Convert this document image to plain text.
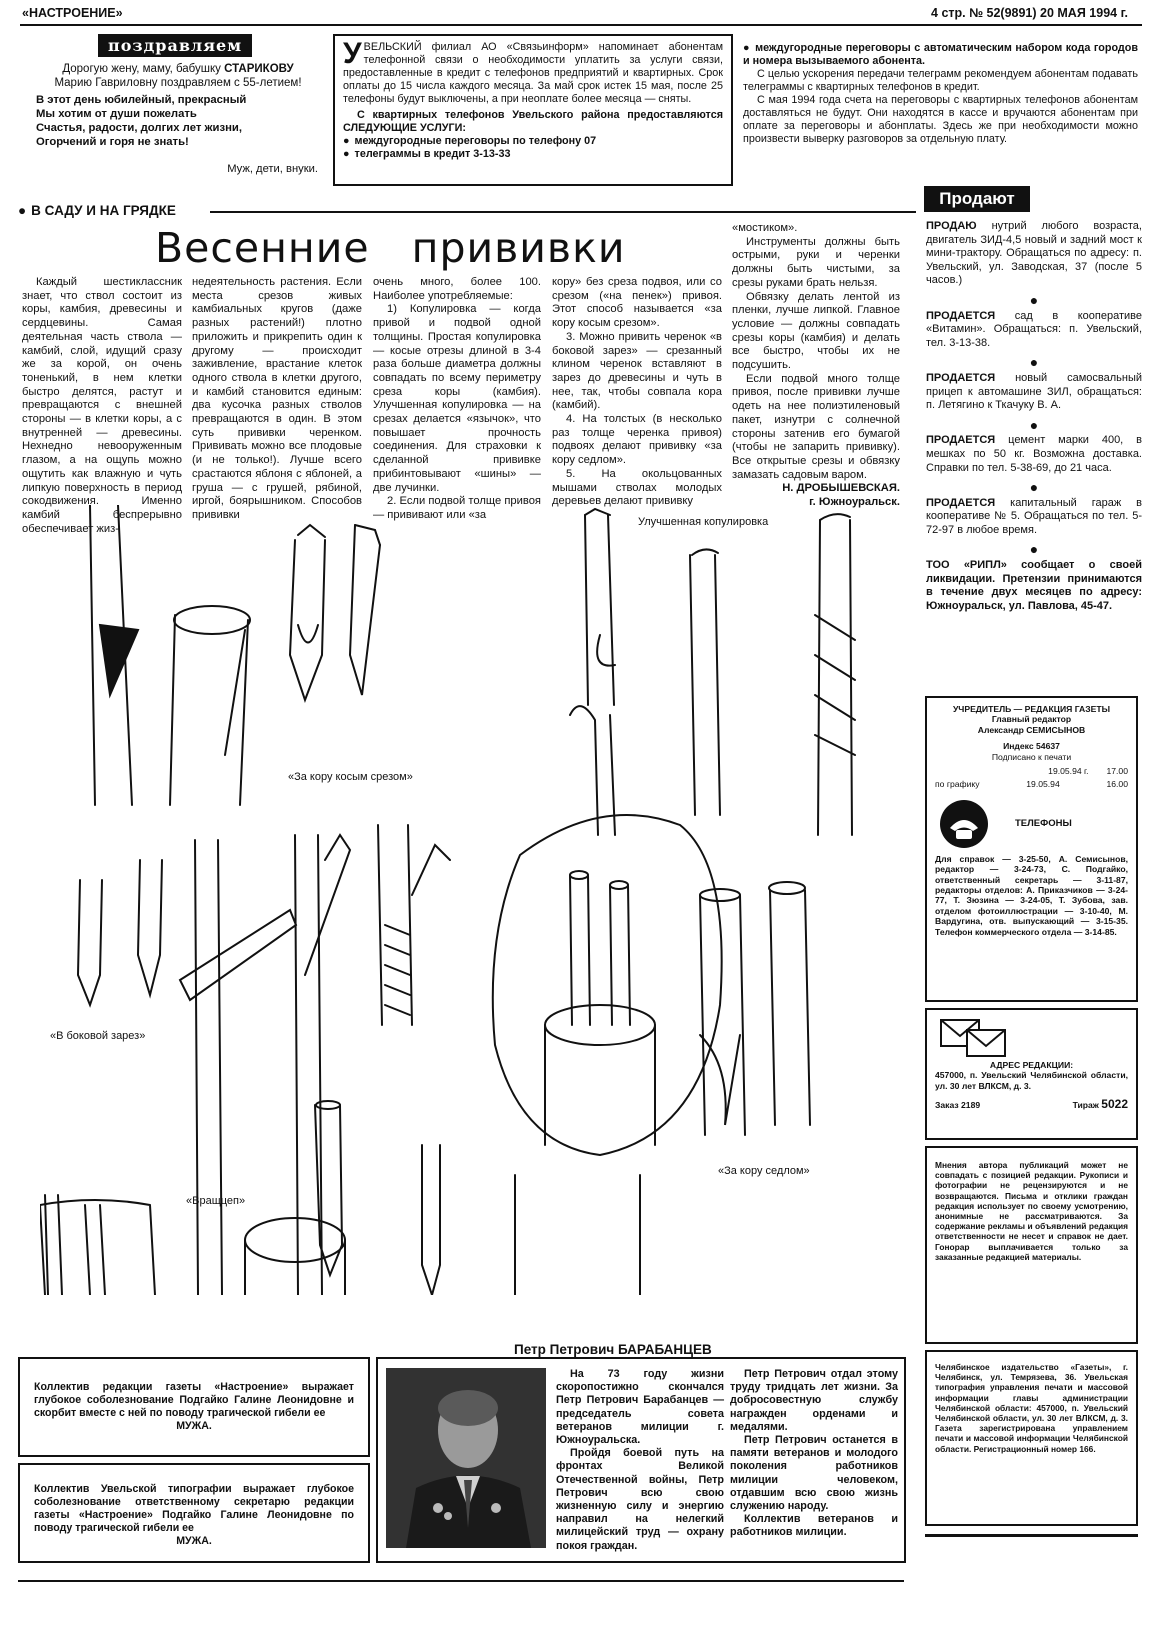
«НАСТРОЕНИЕ»	4 стр. № 52(9891) 20 МАЯ 1994 г.
поздравляем
Дорогую жену, маму, бабушку СТАРИКОВУ
Марию Гавриловну поздравляем с 55-летием!
В этот день юбилейный, прекрасный
Мы хотим от души пожелать
Счастья, радости, долгих лет жизни,
Огорчений и горя не знать!
Муж, дети, внуки.
УВЕЛЬСКИЙ филиал АО «Связьинформ» напоминает абонентам телефонной связи о необходимости уплатить за услуги связи, предоставленные в кредит с телефонов предприятий и квартирных. Срок оплаты до 15 числа каждого месяца. За май срок истек 15 мая, после 25 телефоны будут выключены, а при неоплате более месяца — сняты.
С квартирных телефонов Увельского района предоставляются СЛЕДУЮЩИЕ УСЛУГИ:
● междугородные переговоры по телефону 07
● телеграммы в кредит 3-13-33
● междугородные переговоры с автоматическим набором кода городов и номера вызываемого абонента.

С целью ускорения передачи телеграмм рекомендуем абонентам подавать телеграммы с квартирных телефонов в кредит.

С мая 1994 года счета на переговоры с квартирных телефонов абонентам доставляться не будут. Они находятся в кассе и вручаются абонентам при оплате за переговоры и абонплаты. Здесь же при необходимости можно произвести выверку разговоров за отдельную плату.

● В САДУ И НА ГРЯДКЕ
Весенние прививки

Каждый шестиклассник знает, что ствол состоит из коры, камбия, древесины и сердцевины. Самая деятельная часть ствола — камбий, слой, идущий сразу же за корой, он очень тоненький, в нем клетки быстро делятся, растут и превращаются с внешней стороны — в клетки коры, а с внутренней — древесины. Нехнедно невооруженным глазом, а на ощупь можно ощутить как влажную и чуть липкую поверхность в период сокодвижения. Именно камбий беспрерывно обеспечивает жиз-

недеятельность растения. Если места срезов живых камбиальных кругов (даже разных растений!) плотно приложить и прикрепить один к другому — происходит заживление, врастание клеток одного ствола в клетки другого, и камбий становится единым: два кусочка разных стволов превращаются в один. В этом суть прививки черенком. Прививать можно все плодовые (и не только!). Лучше всего срастаются яблоня с яблоней, а груша — с грушей, рябиной, иргой, боярышником. Способов прививки

очень много, более 100. Наиболее употребляемые:

1) Копулировка — когда привой и подвой одной толщины. Простая копулировка — косые отрезы длиной в 3-4 раза больше диаметра должны совпадать по всему периметру среза коры (камбия). Улучшенная копулировка — на срезах делается «язычок», что повышает прочность соединения. Для страховки к сделанной прививке прибинтовывают «шины» — две лучинки.

2. Если подвой толще привоя — прививают или «за

кору» без среза подвоя, или со срезом («на пенек») привоя. Этот способ называется «за кору косым срезом».

3. Можно привить черенок «в боковой зарез» — срезанный клином черенок вставляют в зарез до древесины и чуть в нее, так, чтобы совпала кора (камбий).

4. На толстых (в несколько раз толще черенка привоя) подвоях делают прививку «за кору седлом».

5. На окольцованных мышами стволах молодых деревьев делают прививку

«мостиком».

Инструменты должны быть острыми, руки и черенки должны быть чистыми, за срезы руками брать нельзя.

Обвязку делать лентой из пленки, лучше липкой. Главное условие — должны совпадать срезы коры (камбия) и делать все быстро, чтобы их не подсушить.

Если подвой много толще привоя, после прививки лучше одеть на нее полиэтиленовый пакет, изнутри с солнечной стороны затенив его бумагой (чтобы не запарить прививку). Все открытые срезы и обвязку замазать садовым варом.

Н. ДРОБЫШЕВСКАЯ.
г. Южноуральск.
Улучшенная копулировка
«За кору косым срезом»
«В боковой зарез»
«За кору седлом»
«Вращцеп»
Продают
ПРОДАЮ нутрий любого возраста, двигатель ЗИД-4,5 новый и задний мост к мини-трактору. Обращаться по адресу: п. Увельский, ул. Заводская, 37 (после 5 часов.)
●
ПРОДАЕТСЯ сад в кооперативе «Витамин». Обращаться: п. Увельский, тел. 3-13-38.
●
ПРОДАЕТСЯ новый самосвальный прицеп к автомашине ЗИЛ, обращаться: п. Летягино к Ткачуку В. А.
●
ПРОДАЕТСЯ цемент марки 400, в мешках по 50 кг. Возможна доставка. Справки по тел. 5-38-69, до 21 часа.
●
ПРОДАЕТСЯ капитальный гараж в кооперативе № 5. Обращаться по тел. 5-72-97 в любое время.
●
ТОО «РИПЛ» сообщает о своей ликвидации. Претензии принимаются в течение двух месяцев по адресу: Южноуральск, ул. Павлова, 45-47.
УЧРЕДИТЕЛЬ — РЕДАКЦИЯ ГАЗЕТЫ
Главный редактор
Александр СЕМИСЫНОВ
Индекс 54637
Подписано к печати
19.05.94 г. 17.00
по графику	19.05.94	16.00
ТЕЛЕФОНЫ
Для справок — 3-25-50, А. Семисынов, редактор — 3-24-73, С. Подгайко, ответственный секретарь — 3-11-87, редакторы отделов: А. Приказчиков — 3-24-77, Т. Зюзина — 3-24-05, Т. Зубова, зав. отделом фотоиллюстрации — 3-10-40, М. Вардугина, отв. выпускающий — 3-15-35. Телефон коммерческого отдела — 3-14-85.
АДРЕС РЕДАКЦИИ:
457000, п. Увельский Челябинской области, ул. 30 лет ВЛКСМ, д. 3.
Заказ 2189	Тираж 5022
Мнения автора публикаций может не совпадать с позицией редакции. Рукописи и фотографии не рецензируются и не возвращаются. Письма и отклики граждан редакция использует по своему усмотрению, анонимные не рассматриваются. За содержание рекламы и объявлений редакция ответственности не несет и справок не дает. Гонорар выплачивается только за заказанные редакцией материалы.
Челябинское издательство «Газеты», г. Челябинск, ул. Темрязева, 36. Увельская типография управления печати и массовой информации главы администрации Челябинской области: 457000, п. Увельский Челябинской области, ул. 30 лет ВЛКСМ, д. 3. Газета зарегистрирована управлением печати и массовой информации Челябинской области. Регистрационный номер 166.
Коллектив редакции газеты «Настроение» выражает глубокое соболезнование Подгайко Галине Леонидовне и скорбит вместе с ней по поводу трагической гибели ее
МУЖА.
Коллектив Увельской типографии выражает глубокое соболезнование ответственному секретарю редакции газеты «Настроение» Подгайко Галине Леонидовне по поводу трагической гибели ее
МУЖА.
Петр Петрович БАРАБАНЦЕВ

На 73 году жизни скоропостижно скончался Петр Петрович Барабанцев — председатель совета ветеранов милиции г. Южноуральска.

Пройдя боевой путь на фронтах Великой Отечественной войны, Петр Петрович всю свою жизненную силу и энергию направил на нелегкий милицейский труд — охрану покоя граждан.

Петр Петрович отдал этому труду тридцать лет жизни. За добросовестную службу награжден орденами и медалями.

Петр Петрович останется в памяти ветеранов и молодого поколения работников милиции человеком, отдавшим всю свою жизнь служению народу.

Коллектив ветеранов и работников милиции.
